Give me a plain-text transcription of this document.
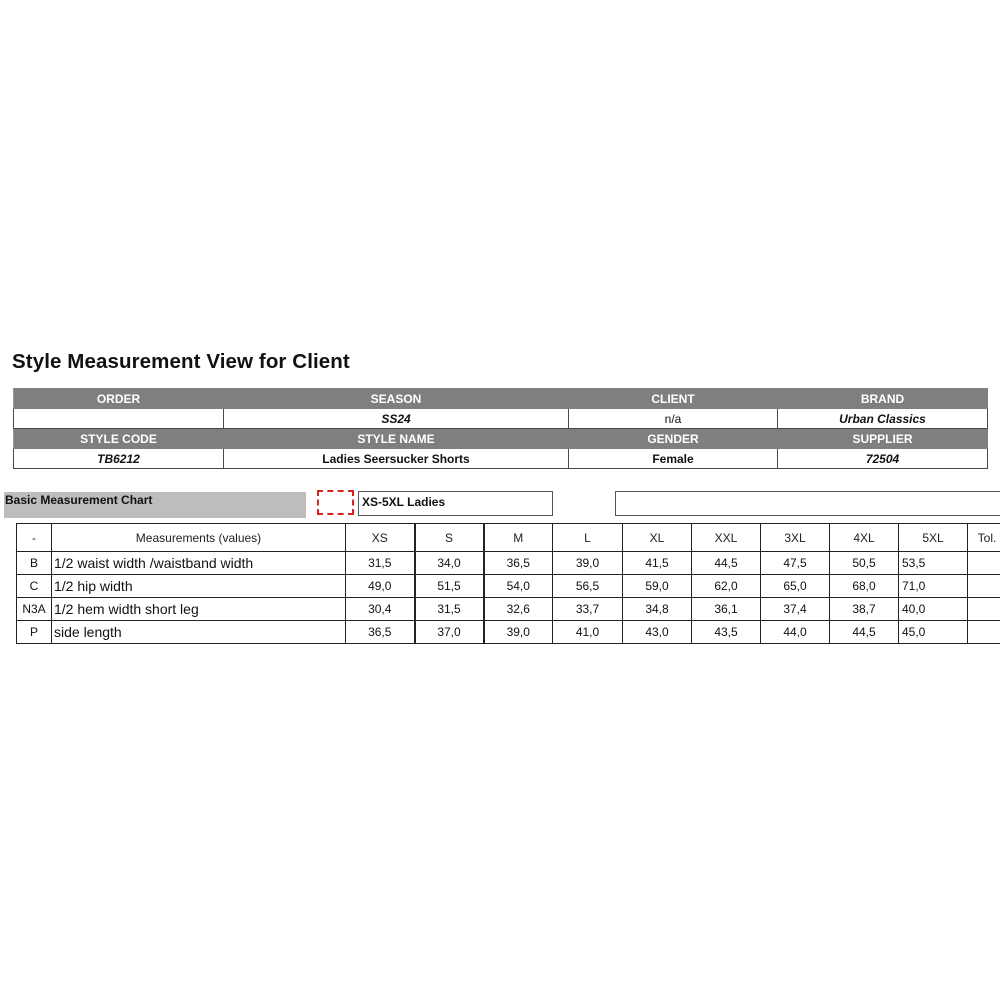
Style Measurement View for Client
ORDER	SEASON	CLIENT	BRAND
	SS24	n/a	Urban Classics
STYLE CODE	STYLE NAME	GENDER	SUPPLIER
TB6212	Ladies Seersucker Shorts	Female	72504
Basic Measurement Chart	XS-5XL Ladies
-	Measurements (values)	XS	S	M	L	XL	XXL	3XL	4XL	5XL	Tol.
B	1/2 waist width /waistband width	31,5	34,0	36,5	39,0	41,5	44,5	47,5	50,5	53,5	
C	1/2 hip width	49,0	51,5	54,0	56,5	59,0	62,0	65,0	68,0	71,0	
N3A	1/2 hem width short leg	30,4	31,5	32,6	33,7	34,8	36,1	37,4	38,7	40,0	
P	side length	36,5	37,0	39,0	41,0	43,0	43,5	44,0	44,5	45,0	
